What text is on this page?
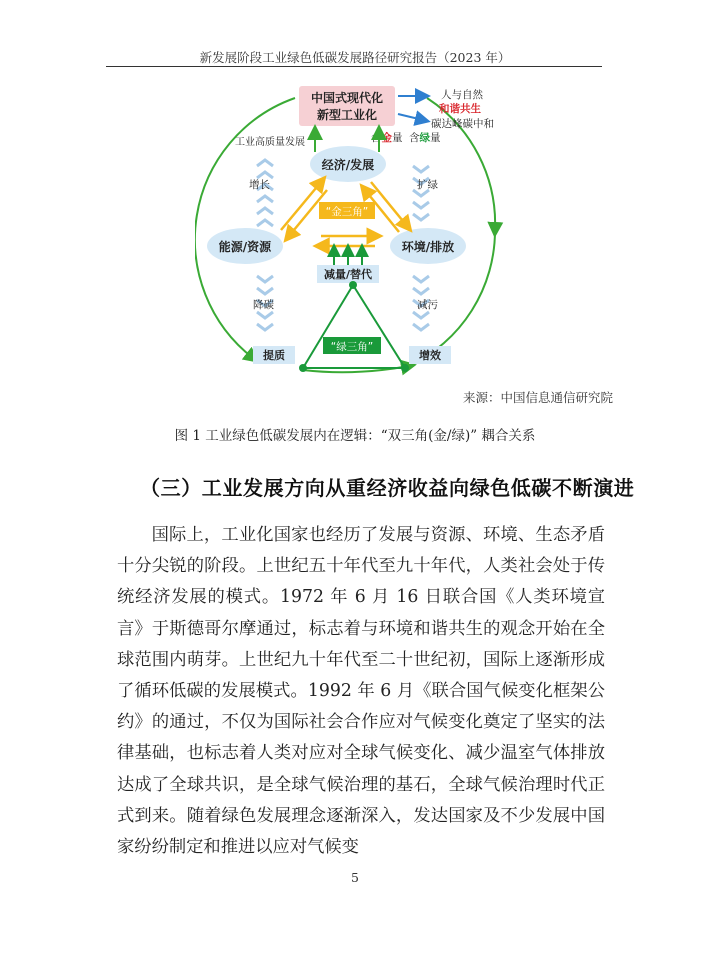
新发展阶段工业绿色低碳发展路径研究报告（2023 年）
中国式现代化
新型工业化
人与自然
和谐共生
碳达峰碳中和
含金量 含绿量
工业高质量发展
经济/发展
能源/资源	环境/排放
增长	扩绿
“金三角”
减量/替代
降碳	减污
“绿三角”
提质	增效
来源：中国信息通信研究院
图 1 工业绿色低碳发展内在逻辑：“双三角(金/绿)” 耦合关系
（三）工业发展方向从重经济收益向绿色低碳不断演进

国际上，工业化国家也经历了发展与资源、环境、生态矛盾十分尖锐的阶段。上世纪五十年代至九十年代，人类社会处于传统经济发展的模式。1972 年 6 月 16 日联合国《人类环境宣言》于斯德哥尔摩通过，标志着与环境和谐共生的观念开始在全球范围内萌芽。上世纪九十年代至二十世纪初，国际上逐渐形成了循环低碳的发展模式。1992 年 6 月《联合国气候变化框架公约》的通过，不仅为国际社会合作应对气候变化奠定了坚实的法律基础，也标志着人类对应对全球气候变化、减少温室气体排放达成了全球共识，是全球气候治理的基石，全球气候治理时代正式到来。随着绿色发展理念逐渐深入，发达国家及不少发展中国家纷纷制定和推进以应对气候变

5
